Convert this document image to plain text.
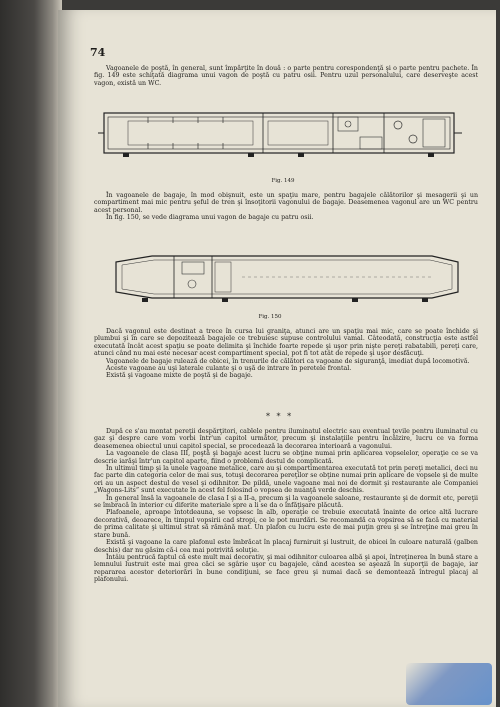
74

Vagoanele de poştă, în general, sunt împărţite în două : o parte pentru corespondenţă şi o parte pentru pachete. În fig. 149 este schiţată diagrama unui vagon de poştă cu patru osii. Pentru uzul personalului, care deserveşte acest vagon, există un WC.

Fig. 149

În vagoanele de bagaje, în mod obişnuit, este un spaţiu mare, pentru bagajele călătorilor şi mesagerii şi un compartiment mai mic pentru şeful de tren şi însoţitorii vagonului de bagaje. Deasemenea vagonul are un WC pentru acest personal.

În fig. 150, se vede diagrama unui vagon de bagaje cu patru osii.

Fig. 150

Dacă vagonul este destinat a trece în cursa lui graniţa, atunci are un spaţiu mai mic, care se poate închide şi plumbui şi în care se depozitează bagajele ce trebuiesc supuse controlului vamal. Câteodată, construcţia este astfel executată încât acest spaţiu se poate delimita şi închide foarte repede şi uşor prin nişte pereţi rabatabili, pereţi care, atunci când nu mai este necesar acest compartiment special, pot fi tot atât de repede şi uşor desfăcuţi.

Vagoanele de bagaje rulează de obicei, în trenurile de călători ca vagoane de siguranţă, imediat după locomotivă.

Aceste vagoane au uşi laterale culante şi o uşă de intrare în peretele frontal.

Există şi vagoane mixte de poştă şi de bagaje.

* * *

După ce s'au montat pereţii despărţitori, cablele pentru iluminatul electric sau eventual ţevile pentru iluminatul cu gaz şi despre care vom vorbi într'un capitol următor, precum şi instalaţiile pentru încălzire, lucru ce va forma deasemenea obiectul unui capitol special, se procedează la decorarea interioară a vagonului.

La vagoanele de clasa III, poştă şi bagaje acest lucru se obţine numai prin aplicarea vopselelor, operaţie ce se va descrie iarăşi într'un capitol aparte, fiind o problemă destul de complicată.

În ultimul timp şi la unele vagoane metalice, care au şi compartimentarea executată tot prin pereţi metalici, deci nu fac parte din categoria celor de mai sus, totuşi decorarea pereţilor se obţine numai prin aplicare de vopsele şi de multe ori au un aspect destul de vesel şi odihnitor. De pildă, unele vagoane mai noi de dormit şi restaurante ale Companiei „Wagons-Lits” sunt executate în acest fel folosind o vopsea de nuanţă verde deschis.

În general însă la vagoanele de clasa I şi a II-a, precum şi la vagoanele saloane, restaurante şi de dormit etc, pereţii se îmbracă în interior cu diferite materiale spre a li se da o înfăţişare plăcută.

Plafoanele, aproape întotdeauna, se vopsesc în alb, operaţie ce trebuie executată înainte de orice altă lucrare decorativă, deoarece, în timpul vopsirii cad stropi, ce le pot murdări. Se recomandă ca vopsirea să se facă cu material de prima calitate şi ultimul strat să rămână mat. Un plafon cu lucru este de mai puţin greu şi se întreţine mai greu în stare bună.

Există şi vagoane la care plafonul este îmbrăcat în placaj furniruit şi lustruit, de obicei în culoare naturală (galben deschis) dar nu găsim că-i cea mai potrivită soluţie.

Întâiu pentrucă faptul că este mult mai decorativ, şi mai odihnitor culoarea albă şi apoi, întreţinerea în bună stare a lemnului lustruit este mai grea căci se sgârie uşor cu bagajele, când acestea se aşează în suporţii de bagaje, iar repararea acestor deteriorări în bune condiţiuni, se face greu şi numai dacă se demontează întregul placaj al plafonului.
